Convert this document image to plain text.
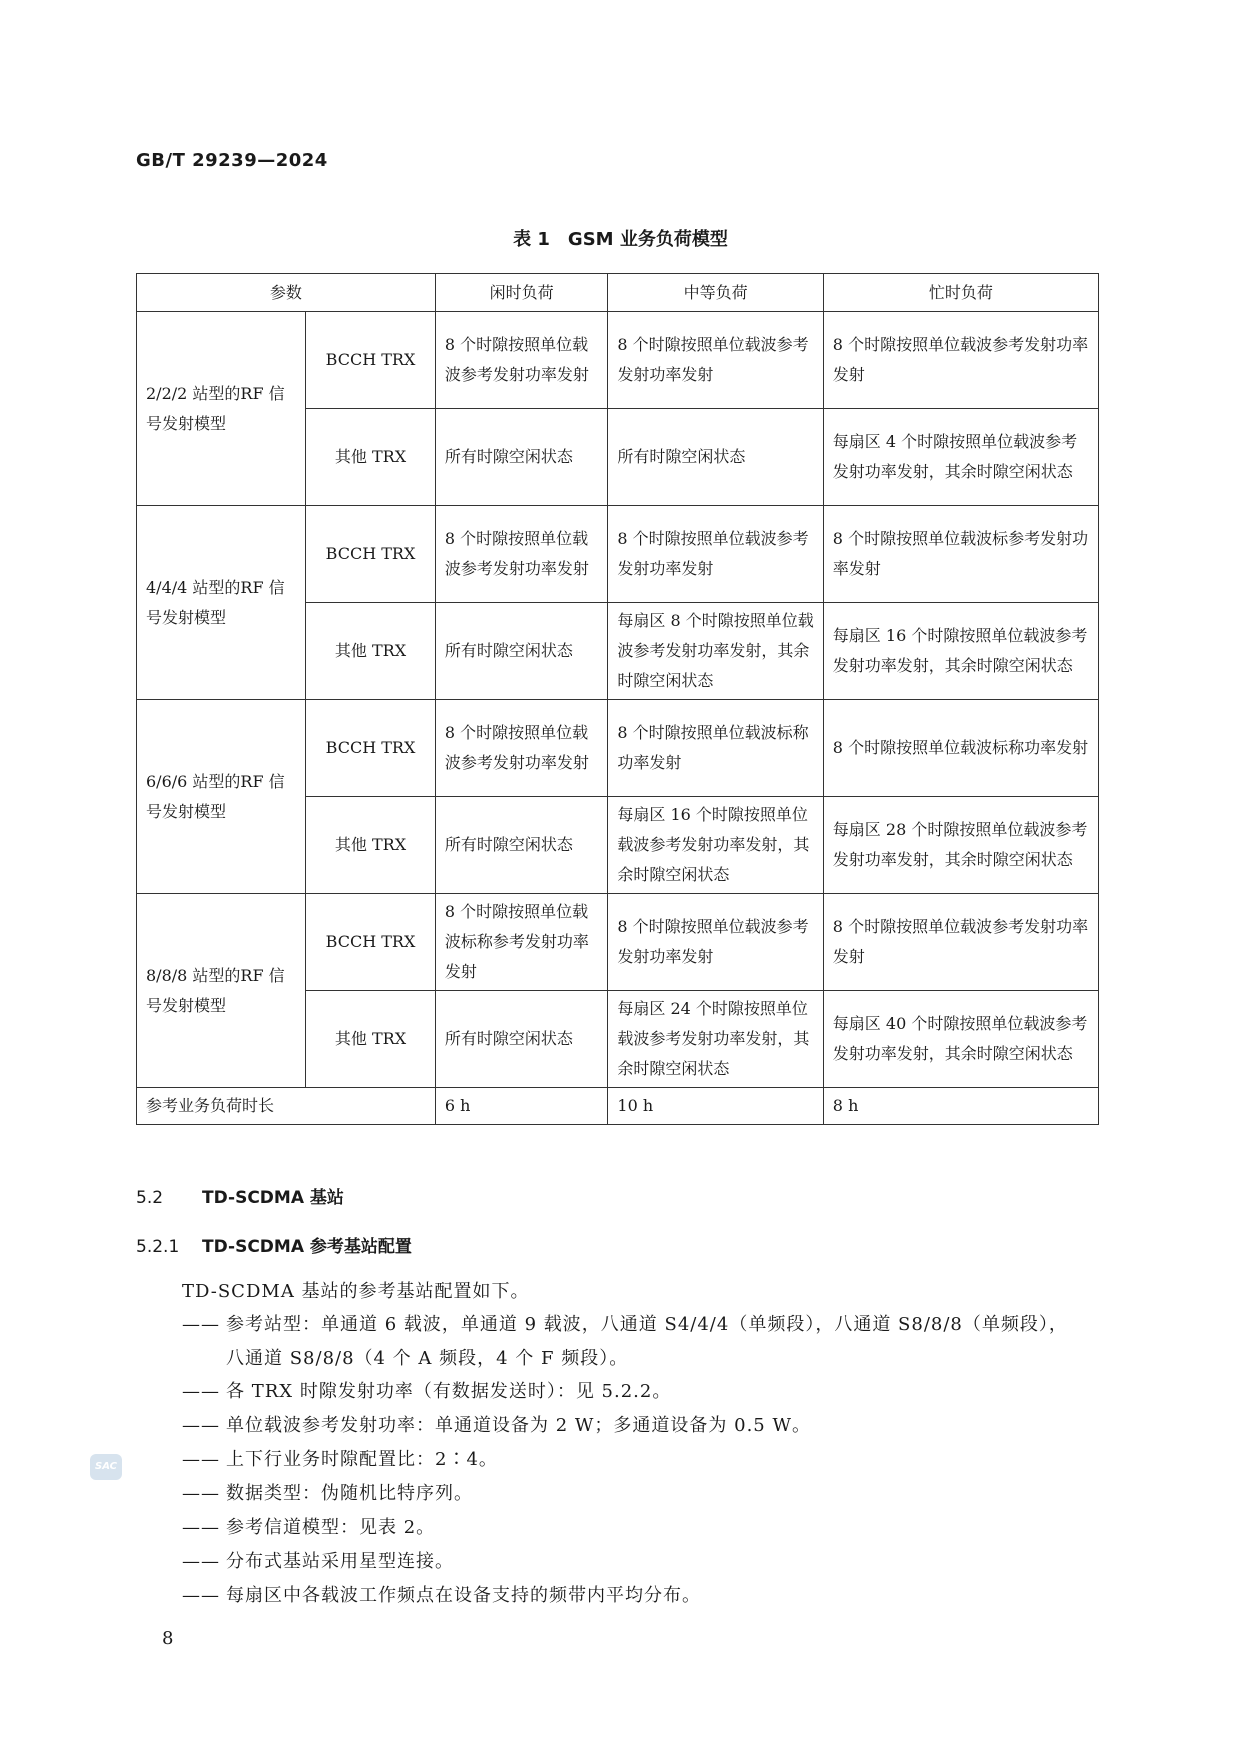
GB/T 29239—2024
表 1　GSM 业务负荷模型
参数		闲时负荷	中等负荷	忙时负荷
2/2/2 站型的RF 信号发射模型	BCCH TRX	8 个时隙按照单位载波参考发射功率发射	8 个时隙按照单位载波参考发射功率发射	8 个时隙按照单位载波参考发射功率发射
	其他 TRX	所有时隙空闲状态	所有时隙空闲状态	每扇区 4 个时隙按照单位载波参考发射功率发射，其余时隙空闲状态
4/4/4 站型的RF 信号发射模型	BCCH TRX	8 个时隙按照单位载波参考发射功率发射	8 个时隙按照单位载波参考发射功率发射	8 个时隙按照单位载波标参考发射功率发射
	其他 TRX	所有时隙空闲状态	每扇区 8 个时隙按照单位载波参考发射功率发射，其余时隙空闲状态	每扇区 16 个时隙按照单位载波参考发射功率发射，其余时隙空闲状态
6/6/6 站型的RF 信号发射模型	BCCH TRX	8 个时隙按照单位载波参考发射功率发射	8 个时隙按照单位载波标称功率发射	8 个时隙按照单位载波标称功率发射
	其他 TRX	所有时隙空闲状态	每扇区 16 个时隙按照单位载波参考发射功率发射，其余时隙空闲状态	每扇区 28 个时隙按照单位载波参考发射功率发射，其余时隙空闲状态
8/8/8 站型的RF 信号发射模型	BCCH TRX	8 个时隙按照单位载波标称参考发射功率发射	8 个时隙按照单位载波参考发射功率发射	8 个时隙按照单位载波参考发射功率发射
	其他 TRX	所有时隙空闲状态	每扇区 24 个时隙按照单位载波参考发射功率发射，其余时隙空闲状态	每扇区 40 个时隙按照单位载波参考发射功率发射，其余时隙空闲状态
参考业务负荷时长		6 h	10 h	8 h
5.2 TD-SCDMA 基站
5.2.1 TD-SCDMA 参考基站配置
TD-SCDMA 基站的参考基站配置如下。
—— 参考站型：单通道 6 载波，单通道 9 载波，八通道 S4/4/4（单频段），八通道 S8/8/8（单频段），
八通道 S8/8/8（4 个 A 频段，4 个 F 频段）。
—— 各 TRX 时隙发射功率（有数据发送时）：见 5.2.2。
—— 单位载波参考发射功率：单通道设备为 2 W；多通道设备为 0.5 W。
—— 上下行业务时隙配置比：2∶4。
—— 数据类型：伪随机比特序列。
—— 参考信道模型：见表 2。
—— 分布式基站采用星型连接。
—— 每扇区中各载波工作频点在设备支持的频带内平均分布。
SAC
8
